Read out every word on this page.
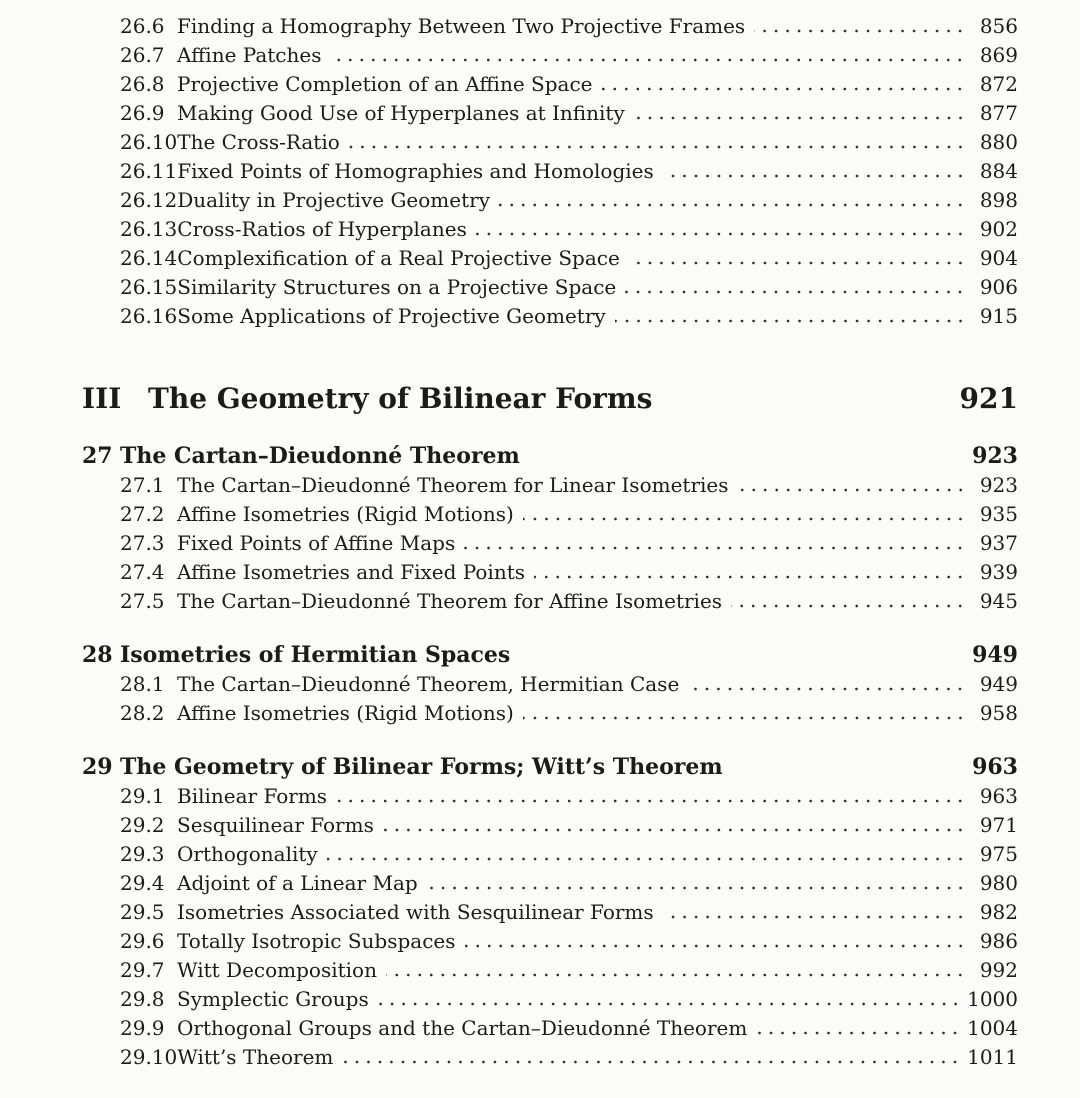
26.6 Finding a Homography Between Two Projective Frames	856
26.7 Affine Patches	869
26.8 Projective Completion of an Affine Space	872
26.9 Making Good Use of Hyperplanes at Infinity	877
26.10 The Cross-Ratio	880
26.11 Fixed Points of Homographies and Homologies	884
26.12 Duality in Projective Geometry	898
26.13 Cross-Ratios of Hyperplanes	902
26.14 Complexification of a Real Projective Space	904
26.15 Similarity Structures on a Projective Space	906
26.16 Some Applications of Projective Geometry	915
III The Geometry of Bilinear Forms	921
27 The Cartan–Dieudonné Theorem	923
27.1 The Cartan–Dieudonné Theorem for Linear Isometries	923
27.2 Affine Isometries (Rigid Motions)	935
27.3 Fixed Points of Affine Maps	937
27.4 Affine Isometries and Fixed Points	939
27.5 The Cartan–Dieudonné Theorem for Affine Isometries	945
28 Isometries of Hermitian Spaces	949
28.1 The Cartan–Dieudonné Theorem, Hermitian Case	949
28.2 Affine Isometries (Rigid Motions)	958
29 The Geometry of Bilinear Forms; Witt’s Theorem	963
29.1 Bilinear Forms	963
29.2 Sesquilinear Forms	971
29.3 Orthogonality	975
29.4 Adjoint of a Linear Map	980
29.5 Isometries Associated with Sesquilinear Forms	982
29.6 Totally Isotropic Subspaces	986
29.7 Witt Decomposition	992
29.8 Symplectic Groups	1000
29.9 Orthogonal Groups and the Cartan–Dieudonné Theorem	1004
29.10 Witt’s Theorem	1011
